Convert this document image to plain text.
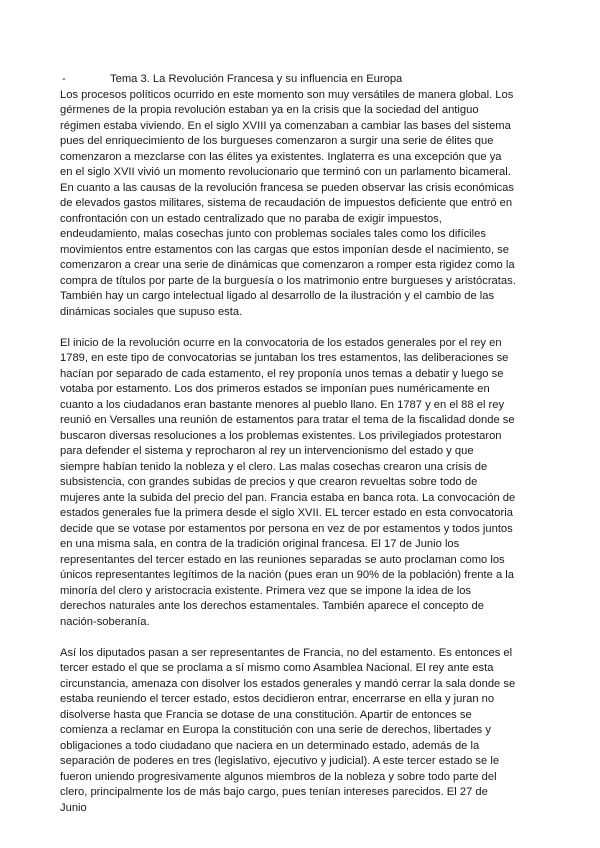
-	Tema 3. La Revolución Francesa y su influencia en Europa

Los procesos políticos ocurrido en este momento son muy versátiles de manera global. Los gérmenes de la propia revolución estaban ya en la crisis que la sociedad del antiguo régimen estaba viviendo. En el siglo XVIII ya comenzaban a cambiar las bases del sistema pues del enriquecimiento de los burgueses comenzaron a surgir una serie de élites que comenzaron a mezclarse con las élites ya existentes. Inglaterra es una excepción que ya en el siglo XVII vivió un momento revolucionario que terminó con un parlamento bicameral. En cuanto a las causas de la revolución francesa se pueden observar las crisis económicas de elevados gastos militares, sistema de recaudación de impuestos deficiente que entró en confrontación con un estado centralizado que no paraba de exigir impuestos, endeudamiento, malas cosechas junto con problemas sociales tales como los difíciles movimientos entre estamentos con las cargas que estos imponían desde el nacimiento, se comenzaron a crear una serie de dinámicas que comenzaron a romper esta rigidez como la compra de títulos por parte de la burguesía o los matrimonio entre burgueses y aristócratas. También hay un cargo intelectual ligado al desarrollo de la ilustración y el cambio de las dinámicas sociales que supuso esta.

El inicio de la revolución ocurre en la convocatoria de los estados generales por el rey en 1789, en este tipo de convocatorias se juntaban los tres estamentos, las deliberaciones se hacían por separado de cada estamento, el rey proponía unos temas a debatir y luego se votaba por estamento. Los dos primeros estados se imponían pues numéricamente en cuanto a los ciudadanos eran bastante menores al pueblo llano. En 1787 y en el 88 el rey reunió en Versalles una reunión de estamentos para tratar el tema de la fiscalidad donde se buscaron diversas resoluciones a los problemas existentes. Los privilegiados protestaron para defender el sistema y reprocharon al rey un intervencionismo del estado y que siempre habían tenido la nobleza y el clero. Las malas cosechas crearon una crisis de subsistencia, con grandes subidas de precios y que crearon revueltas sobre todo de mujeres ante la subida del precio del pan. Francia estaba en banca rota. La convocación de estados generales fue la primera desde el siglo XVII. EL tercer estado en esta convocatoria decide que se votase por estamentos por persona en vez de por estamentos y todos juntos en una misma sala, en contra de la tradición original francesa. El 17 de Junio los representantes del tercer estado en las reuniones separadas se auto proclaman como los únicos representantes legítimos de la nación (pues eran un 90% de la población) frente a la minoría del clero y aristocracia existente. Primera vez que se impone la idea de los derechos naturales ante los derechos estamentales. También aparece el concepto de nación-soberanía.

Así los diputados pasan a ser representantes de Francia, no del estamento. Es entonces el tercer estado el que se proclama a sí mismo como Asamblea Nacional. El rey ante esta circunstancia, amenaza con disolver los estados generales y mandó cerrar la sala donde se estaba reuniendo el tercer estado, estos decidieron entrar, encerrarse en ella y juran no disolverse hasta que Francia se dotase de una constitución. Apartir de entonces se comienza a reclamar en Europa la constitución con una serie de derechos, libertades y obligaciones a todo ciudadano que naciera en un determinado estado, además de la separación de poderes en tres (legislativo, ejecutivo y judicial). A este tercer estado se le fueron uniendo progresivamente algunos miembros de la nobleza y sobre todo parte del clero, principalmente los de más bajo cargo, pues tenían intereses parecidos. El 27 de Junio
